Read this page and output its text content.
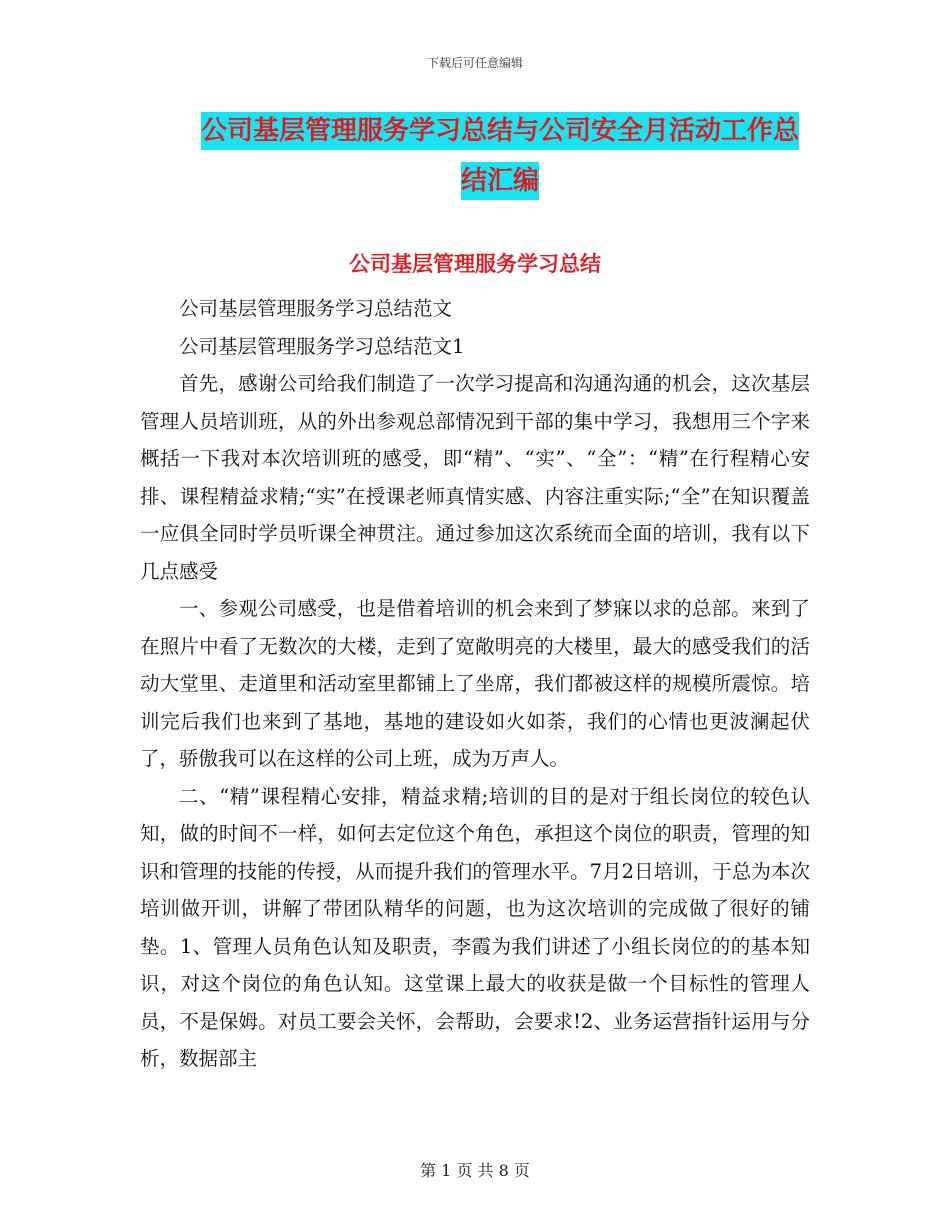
下载后可任意编辑
公司基层管理服务学习总结与公司安全月活动工作总
结汇编
公司基层管理服务学习总结

公司基层管理服务学习总结范文

公司基层管理服务学习总结范文1

首先，感谢公司给我们制造了一次学习提高和沟通沟通的机会，这次基层管理人员培训班，从的外出参观总部情况到干部的集中学习，我想用三个字来概括一下我对本次培训班的感受，即“精”、“实”、“全”：“精”在行程精心安排、课程精益求精;“实”在授课老师真情实感、内容注重实际;“全”在知识覆盖一应俱全同时学员听课全神贯注。通过参加这次系统而全面的培训，我有以下几点感受

一、参观公司感受，也是借着培训的机会来到了梦寐以求的总部。来到了在照片中看了无数次的大楼，走到了宽敞明亮的大楼里，最大的感受我们的活动大堂里、走道里和活动室里都铺上了坐席，我们都被这样的规模所震惊。培训完后我们也来到了基地，基地的建设如火如荼，我们的心情也更波澜起伏了，骄傲我可以在这样的公司上班，成为万声人。

二、“精”课程精心安排，精益求精;培训的目的是对于组长岗位的较色认知，做的时间不一样，如何去定位这个角色，承担这个岗位的职责，管理的知识和管理的技能的传授，从而提升我们的管理水平。7月2日培训，于总为本次培训做开训，讲解了带团队精华的问题，也为这次培训的完成做了很好的铺垫。1、管理人员角色认知及职责，李霞为我们讲述了小组长岗位的的基本知识，对这个岗位的角色认知。这堂课上最大的收获是做一个目标性的管理人员，不是保姆。对员工要会关怀，会帮助，会要求!2、业务运营指针运用与分析，数据部主

第 1 页 共 8 页
